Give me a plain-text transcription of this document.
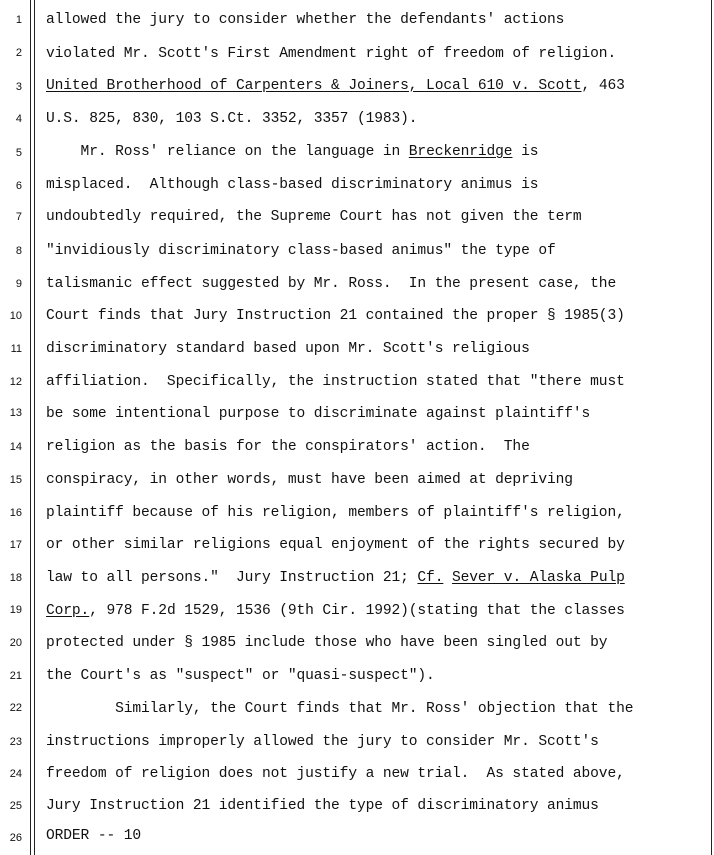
1
2
3
4
5
6
7
8
9
10
11
12
13
14
15
16
17
18
19
20
21
22
23
24
25
26 ORDER -- 10
allowed the jury to consider whether the defendants' actions
violated Mr. Scott's First Amendment right of freedom of religion.
United Brotherhood of Carpenters & Joiners, Local 610 v. Scott, 463
U.S. 825, 830, 103 S.Ct. 3352, 3357 (1983).
Mr. Ross' reliance on the language in Breckenridge is
misplaced.  Although class-based discriminatory animus is
undoubtedly required, the Supreme Court has not given the term
"invidiously discriminatory class-based animus" the type of
talismanic effect suggested by Mr. Ross.  In the present case, the
Court finds that Jury Instruction 21 contained the proper § 1985(3)
discriminatory standard based upon Mr. Scott's religious
affiliation.  Specifically, the instruction stated that "there must
be some intentional purpose to discriminate against plaintiff's
religion as the basis for the conspirators' action.  The
conspiracy, in other words, must have been aimed at depriving
plaintiff because of his religion, members of plaintiff's religion,
or other similar religions equal enjoyment of the rights secured by
law to all persons."  Jury Instruction 21; Cf. Sever v. Alaska Pulp
Corp., 978 F.2d 1529, 1536 (9th Cir. 1992)(stating that the classes
protected under § 1985 include those who have been singled out by
the Court's as "suspect" or "quasi-suspect").
Similarly, the Court finds that Mr. Ross' objection that the
instructions improperly allowed the jury to consider Mr. Scott's
freedom of religion does not justify a new trial.  As stated above,
Jury Instruction 21 identified the type of discriminatory animus
